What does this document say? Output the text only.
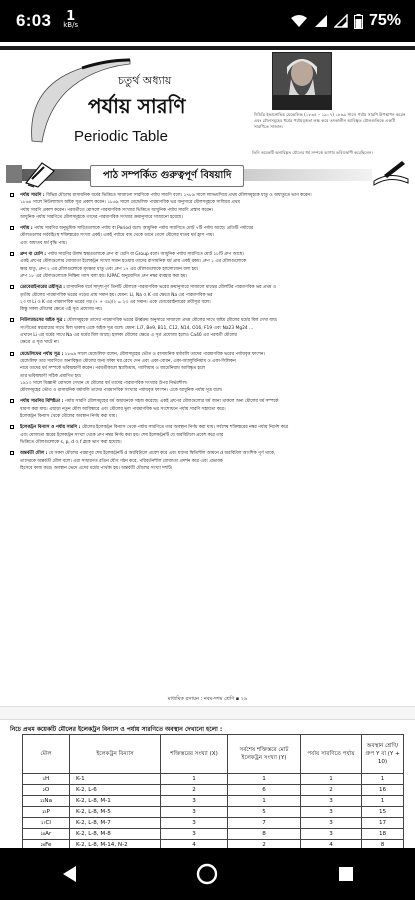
6:03 1
kB/s	75%
চতুর্থ অধ্যায়
পর্যায় সারণি
Periodic Table
দিমিত্রি ইভানোভিচ মেন্ডেলিভ (১৮৩৪ – ১৯০৭) ১৮৬৯ সালে পর্যায় সারণি উপস্থাপন করেন এবং মৌলসমূহের ধর্মের পর্যায়বৃত্ততা লক্ষ করে তৎকালীন আবিষ্কৃত মৌলগুলিকে একটি সারণিতে সাজান।
তিনি কয়েকটি অনাবিষ্কৃত মৌলের ধর্ম সম্পর্কে আগাম ভবিষ্যদ্বাণী করেছিলেন।
পাঠ সম্পর্কিত গুরুত্বপূর্ণ বিষয়াদি
পর্যায় সারণি : বিভিন্ন মৌলের রাসায়নিক ধর্মের ভিত্তিতে সাজানো সারণিকে পর্যায় সারণি বলে। ১৭৮৯ সালে ল্যাভয়সিয়ে প্রথম মৌলসমূহকে ধাতু ও অধাতুতে ভাগ করেন।
১৮৬৪ সালে নিউল্যান্ডস অষ্টক সূত্র প্রকাশ করেন। ১৮৬৯ সালে মেন্ডেলিফ পারমাণবিক ভর অনুসারে মৌলসমূহকে সাজিয়ে প্রথম
পর্যায় সারণি প্রকাশ করেন। পরবর্তীতে মোসলে পারমাণবিক সংখ্যার ভিত্তিতে আধুনিক পর্যায় সারণি প্রস্তাব করেন।
আধুনিক পর্যায় সারণিতে মৌলসমূহকে তাদের পারমাণবিক সংখ্যার ক্রমানুসারে সাজানো হয়েছে।
পর্যায় : পর্যায় সারণির অনুভূমিক সারিগুলোকে পর্যায় বা Period বলে। আধুনিক পর্যায় সারণিতে মোট ৭টি পর্যায় আছে। প্রতিটি পর্যায়ের
মৌলগুলোর সর্ববহিঃস্থ শক্তিস্তরের সংখ্যা একই। একই পর্যায়ে বাম থেকে ডানে গেলে মৌলের ধাতব ধর্ম হ্রাস পায়।
এবং অধাতব ধর্ম বৃদ্ধি পায়।
গ্রুপ বা শ্রেণি : পর্যায় সারণির উলম্ব স্তম্ভগুলোকে গ্রুপ বা শ্রেণি বা Group বলে। আধুনিক পর্যায় সারণিতে মোট ১৮টি গ্রুপ আছে।
একই গ্রুপের মৌলগুলোর যোজ্যতা ইলেকট্রন সংখ্যা সমান হওয়ায় তাদের রাসায়নিক ধর্ম প্রায় একই রকম। গ্রুপ ১ এর মৌলগুলোকে
ক্ষার ধাতু, গ্রুপ ২ এর মৌলগুলোকে মৃৎক্ষার ধাতু এবং গ্রুপ ১৭ এর মৌলগুলোকে হ্যালোজেন বলা হয়।
গ্রুপ ১৮ এর মৌলগুলোকে নিষ্ক্রিয় গ্যাস বলা হয়। IUPAC অনুমোদিত গ্রুপ নম্বর ব্যবহার করা হয়।
ডোবেরাইনারের ত্রয়ীসূত্র : রাসায়নিক ধর্মে সাদৃশ্যপূর্ণ তিনটি মৌলকে পারমাণবিক ভরের ক্রমানুসারে সাজালে মাঝের মৌলটির পারমাণবিক ভর প্রথম ও
তৃতীয় মৌলের পারমাণবিক ভরের গড়ের প্রায় সমান হয়। যেমন: Li, Na ও K এর ক্ষেত্রে Na এর পারমাণবিক ভর
২৩ যা Li ও K এর পারমাণবিক ভরের গড় (৭ + ৩৯)/২ = ২৩ এর সমান। একে ডোবেরাইনারের ত্রয়ীসূত্র বলে।
কিন্তু সকল মৌলের ক্ষেত্রে এই সূত্র প্রযোজ্য নয়।
নিউল্যান্ডসের অষ্টক সূত্র : মৌলসমূহকে তাদের পারমাণবিক ভরের ঊর্ধ্বক্রম অনুসারে সাজালে প্রথম মৌলের সাথে অষ্টম মৌলের ধর্মের মিল দেখা যায়।
সংগীতের স্বরগ্রামের সাথে মিল থাকায় একে অষ্টক সূত্র বলে। যেমন: Li7, Be9, B11, C12, N14, O16, F19 এবং Na23 Mg24 ...
এখানে Li এর ধর্মের সাথে Na এর ধর্মের মিল আছে। হালকা মৌলের ক্ষেত্রে এ সূত্র প্রযোজ্য হলেও Ca40 এর পরবর্তী মৌলের
ক্ষেত্রে এ সূত্র খাটে না।
মেন্ডেলিফের পর্যায় সূত্র : ১৮৬৯ সালে মেন্ডেলিফ বলেন, মৌলসমূহের ভৌত ও রাসায়নিক ধর্মাবলি তাদের পারমাণবিক ভরের পর্যায়বৃত্ত ফাংশন।
মেন্ডেলিফ তার সারণিতে অনাবিষ্কৃত মৌলের জন্য ফাঁকা ঘর রেখে দেন এবং একা-বোরন, একা-অ্যালুমিনিয়াম ও একা-সিলিকন
নামে তাদের ধর্ম সম্পর্কে ভবিষ্যদ্বাণী করেন। পরবর্তীকালে স্ক্যান্ডিয়াম, গ্যালিয়াম ও জার্মেনিয়াম আবিষ্কৃত হলে
তার ভবিষ্যদ্বাণী সঠিক প্রমাণিত হয়।
১৯১৩ সালে বিজ্ঞানী মোসলে দেখান যে মৌলের ধর্ম তাদের পারমাণবিক সংখ্যার উপর নির্ভরশীল।
মৌলসমূহের ভৌত ও রাসায়নিক ধর্মাবলি তাদের পারমাণবিক সংখ্যার পর্যায়বৃত্ত ফাংশন। একে আধুনিক পর্যায় সূত্র বলে।
পর্যায় সারণির বিশিষ্টতা : পর্যায় সারণি মৌলসমূহের ধর্ম অধ্যয়নকে সহজ করেছে। একই গ্রুপের মৌলগুলোর ধর্ম জানা থাকলে অন্য মৌলের ধর্ম সম্পর্কে
ধারণা করা যায়। এছাড়া নতুন মৌল আবিষ্কারে এবং মৌলের ভুল পারমাণবিক ভর সংশোধনে পর্যায় সারণি সহায়তা করে।
ইলেকট্রন বিন্যাস থেকে মৌলের অবস্থান নির্ণয় করা যায়।
ইলেকট্রন বিন্যাস ও পর্যায় সারণি : মৌলের ইলেকট্রন বিন্যাস থেকে পর্যায় সারণিতে তার অবস্থান নির্ণয় করা যায়। সর্বশেষ শক্তিস্তরের নম্বর পর্যায় নির্দেশ করে
এবং যোজ্যতা স্তরের ইলেকট্রন সংখ্যা থেকে গ্রুপ নম্বর নির্ণয় করা হয়। শেষ ইলেকট্রনটি যে অরবিটালে প্রবেশ করে তার
ভিত্তিতে মৌলগুলোকে s, p, d ও f ব্লকে ভাগ করা হয়েছে।
অন্তর্বর্তী মৌল : যে সকল মৌলের পরমাণুর শেষ ইলেকট্রনটি d অরবিটালে প্রবেশ করে এবং যাদের স্থিতিশীল আয়নে d অরবিটাল আংশিক পূর্ণ থাকে,
তাদেরকে অন্তর্বর্তী মৌল বলে। এরা সাধারণত রঙিন যৌগ গঠন করে, পরিবর্তনশীল যোজ্যতা প্রদর্শন করে এবং প্রভাবক
হিসেবে কাজ করে। অবস্থান ভেদে এদের ধর্মের পার্থক্য হয়। অন্তর্বর্তী মৌলের সংখ্যা দশটি।
মাধ্যমিক রসায়ন : নবম-দশম শ্রেণি ▪ ২৯
নিচে প্রথম কয়েকটি মৌলের ইলেকট্রন বিন্যাস ও পর্যায় সারণিতে অবস্থান দেখানো হলো :
মৌল	ইলেকট্রন বিন্যাস	শক্তিস্তরের সংখ্যা (X)	সর্বশেষ শক্তিস্তরে মোট ইলেকট্রন সংখ্যা (Y)	পর্যায় সারণিতে পর্যায়	অবস্থান শ্রেণি/গ্রুপ Y বা (Y + 10)
₁H	K-1	1	1	1	1
₂O	K-2, L-6	2	6	2	16
₁₁Na	K-2, L-8, M-1	3	1	3	1
₁₅P	K-2, L-8, M-5	3	5	3	15
₁₇Cl	K-2, L-8, M-7	3	7	3	17
₁₈Ar	K-2, L-8, M-8	3	8	3	18
₂₆Fe	K-2, L-8, M-14, N-2	4	2	4	8
